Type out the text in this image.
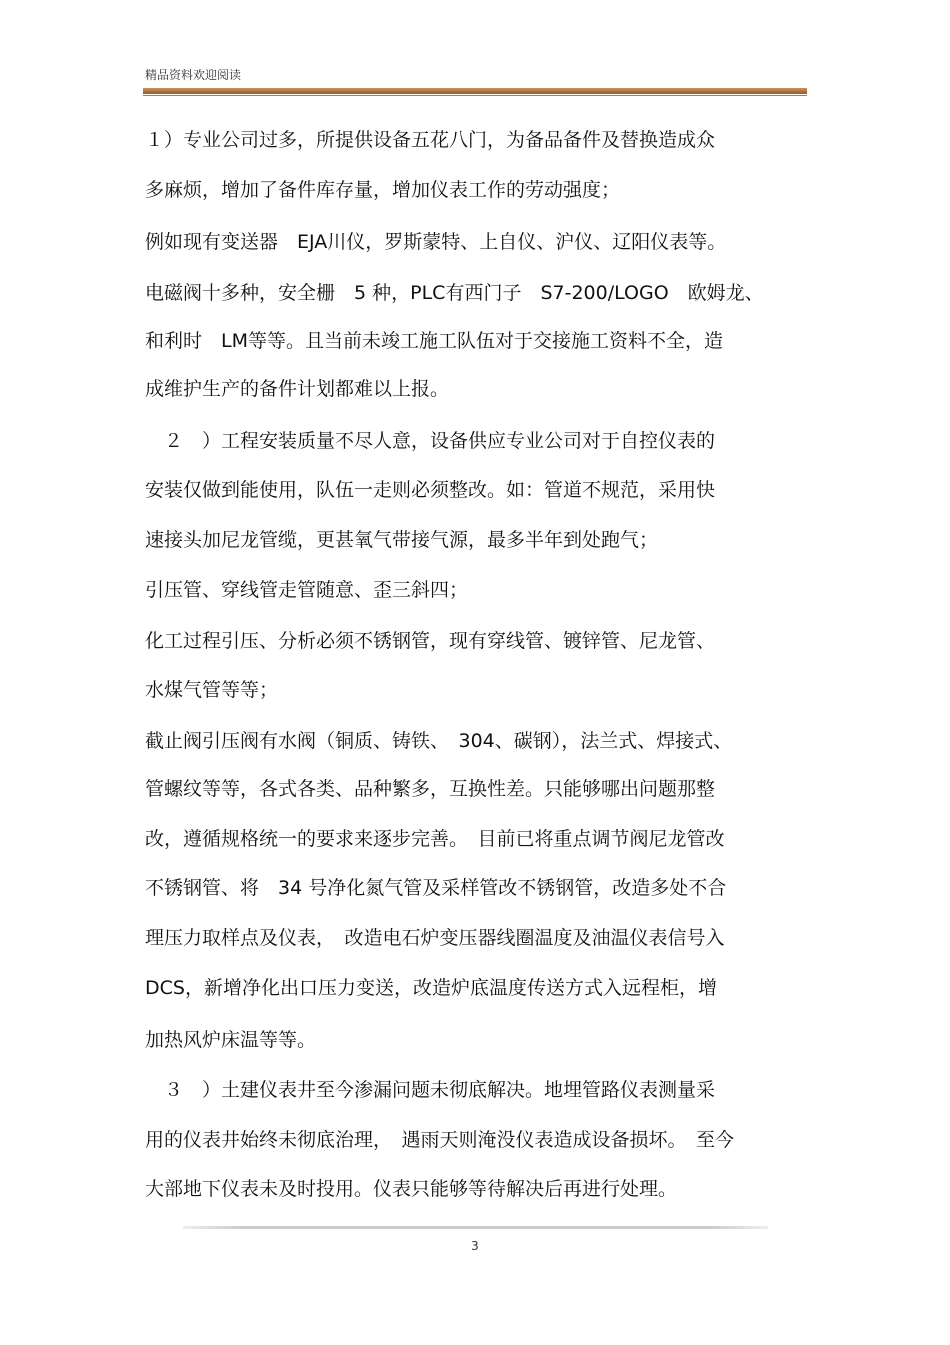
精品资料欢迎阅读
１）专业公司过多，所提供设备五花八门，为备品备件及替换造成众
多麻烦，增加了备件库存量，增加仪表工作的劳动强度；
例如现有变送器　EJA川仪，罗斯蒙特、上自仪、沪仪、辽阳仪表等。
电磁阀十多种，安全栅　5 种，PLC有西门子　S7-200/LOGO　欧姆龙、
和利时　LM等等。且当前未竣工施工队伍对于交接施工资料不全，造
成维护生产的备件计划都难以上报。
　２　）工程安装质量不尽人意，设备供应专业公司对于自控仪表的
安装仅做到能使用，队伍一走则必须整改。如：管道不规范，采用快
速接头加尼龙管缆，更甚氧气带接气源，最多半年到处跑气；
引压管、穿线管走管随意、歪三斜四；
化工过程引压、分析必须不锈钢管，现有穿线管、镀锌管、尼龙管、
水煤气管等等；
截止阀引压阀有水阀（铜质、铸铁、　304、碳钢），法兰式、焊接式、
管螺纹等等，各式各类、品种繁多，互换性差。只能够哪出问题那整
改，遵循规格统一的要求来逐步完善。　目前已将重点调节阀尼龙管改
不锈钢管、将　34 号净化氮气管及采样管改不锈钢管，改造多处不合
理压力取样点及仪表，　改造电石炉变压器线圈温度及油温仪表信号入
DCS，新增净化出口压力变送，改造炉底温度传送方式入远程柜，增
加热风炉床温等等。
　３　）土建仪表井至今渗漏问题未彻底解决。地埋管路仪表测量采
用的仪表井始终未彻底治理，　遇雨天则淹没仪表造成设备损坏。　至今
大部地下仪表未及时投用。仪表只能够等待解决后再进行处理。
3
